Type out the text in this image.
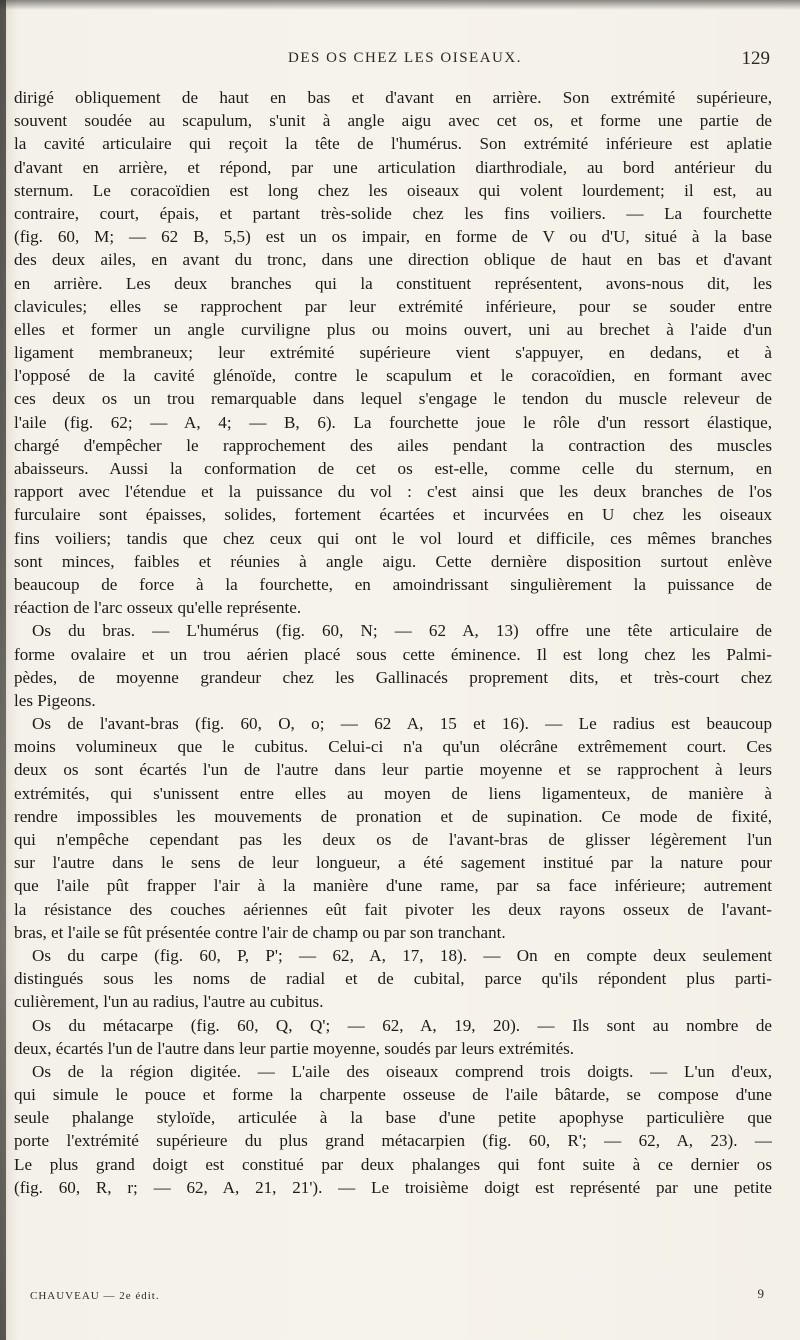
DES OS CHEZ LES OISEAUX.	129
dirigé obliquement de haut en bas et d'avant en arrière. Son extrémité supérieure,
souvent soudée au scapulum, s'unit à angle aigu avec cet os, et forme une partie de
la cavité articulaire qui reçoit la tête de l'humérus. Son extrémité inférieure est aplatie
d'avant en arrière, et répond, par une articulation diarthrodiale, au bord antérieur du
sternum. Le coracoïdien est long chez les oiseaux qui volent lourdement; il est, au
contraire, court, épais, et partant très-solide chez les fins voiliers. — La fourchette
(fig. 60, M; — 62 B, 5,5) est un os impair, en forme de V ou d'U, situé à la base
des deux ailes, en avant du tronc, dans une direction oblique de haut en bas et d'avant
en arrière. Les deux branches qui la constituent représentent, avons-nous dit, les
clavicules; elles se rapprochent par leur extrémité inférieure, pour se souder entre
elles et former un angle curviligne plus ou moins ouvert, uni au brechet à l'aide d'un
ligament membraneux; leur extrémité supérieure vient s'appuyer, en dedans, et à
l'opposé de la cavité glénoïde, contre le scapulum et le coracoïdien, en formant avec
ces deux os un trou remarquable dans lequel s'engage le tendon du muscle releveur de
l'aile (fig. 62; — A, 4; — B, 6). La fourchette joue le rôle d'un ressort élastique,
chargé d'empêcher le rapprochement des ailes pendant la contraction des muscles
abaisseurs. Aussi la conformation de cet os est-elle, comme celle du sternum, en
rapport avec l'étendue et la puissance du vol : c'est ainsi que les deux branches de l'os
furculaire sont épaisses, solides, fortement écartées et incurvées en U chez les oiseaux
fins voiliers; tandis que chez ceux qui ont le vol lourd et difficile, ces mêmes branches
sont minces, faibles et réunies à angle aigu. Cette dernière disposition surtout enlève
beaucoup de force à la fourchette, en amoindrissant singulièrement la puissance de
réaction de l'arc osseux qu'elle représente.
Os du bras. — L'humérus (fig. 60, N; — 62 A, 13) offre une tête articulaire de
forme ovalaire et un trou aérien placé sous cette éminence. Il est long chez les Palmi-
pèdes, de moyenne grandeur chez les Gallinacés proprement dits, et très-court chez
les Pigeons.
Os de l'avant-bras (fig. 60, O, o; — 62 A, 15 et 16). — Le radius est beaucoup
moins volumineux que le cubitus. Celui-ci n'a qu'un olécrâne extrêmement court. Ces
deux os sont écartés l'un de l'autre dans leur partie moyenne et se rapprochent à leurs
extrémités, qui s'unissent entre elles au moyen de liens ligamenteux, de manière à
rendre impossibles les mouvements de pronation et de supination. Ce mode de fixité,
qui n'empêche cependant pas les deux os de l'avant-bras de glisser légèrement l'un
sur l'autre dans le sens de leur longueur, a été sagement institué par la nature pour
que l'aile pût frapper l'air à la manière d'une rame, par sa face inférieure; autrement
la résistance des couches aériennes eût fait pivoter les deux rayons osseux de l'avant-
bras, et l'aile se fût présentée contre l'air de champ ou par son tranchant.
Os du carpe (fig. 60, P, P'; — 62, A, 17, 18). — On en compte deux seulement
distingués sous les noms de radial et de cubital, parce qu'ils répondent plus parti-
culièrement, l'un au radius, l'autre au cubitus.
Os du métacarpe (fig. 60, Q, Q'; — 62, A, 19, 20). — Ils sont au nombre de
deux, écartés l'un de l'autre dans leur partie moyenne, soudés par leurs extrémités.
Os de la région digitée. — L'aile des oiseaux comprend trois doigts. — L'un d'eux,
qui simule le pouce et forme la charpente osseuse de l'aile bâtarde, se compose d'une
seule phalange styloïde, articulée à la base d'une petite apophyse particulière que
porte l'extrémité supérieure du plus grand métacarpien (fig. 60, R'; — 62, A, 23). —
Le plus grand doigt est constitué par deux phalanges qui font suite à ce dernier os
(fig. 60, R, r; — 62, A, 21, 21'). — Le troisième doigt est représenté par une petite
CHAUVEAU — 2e édit.	9
